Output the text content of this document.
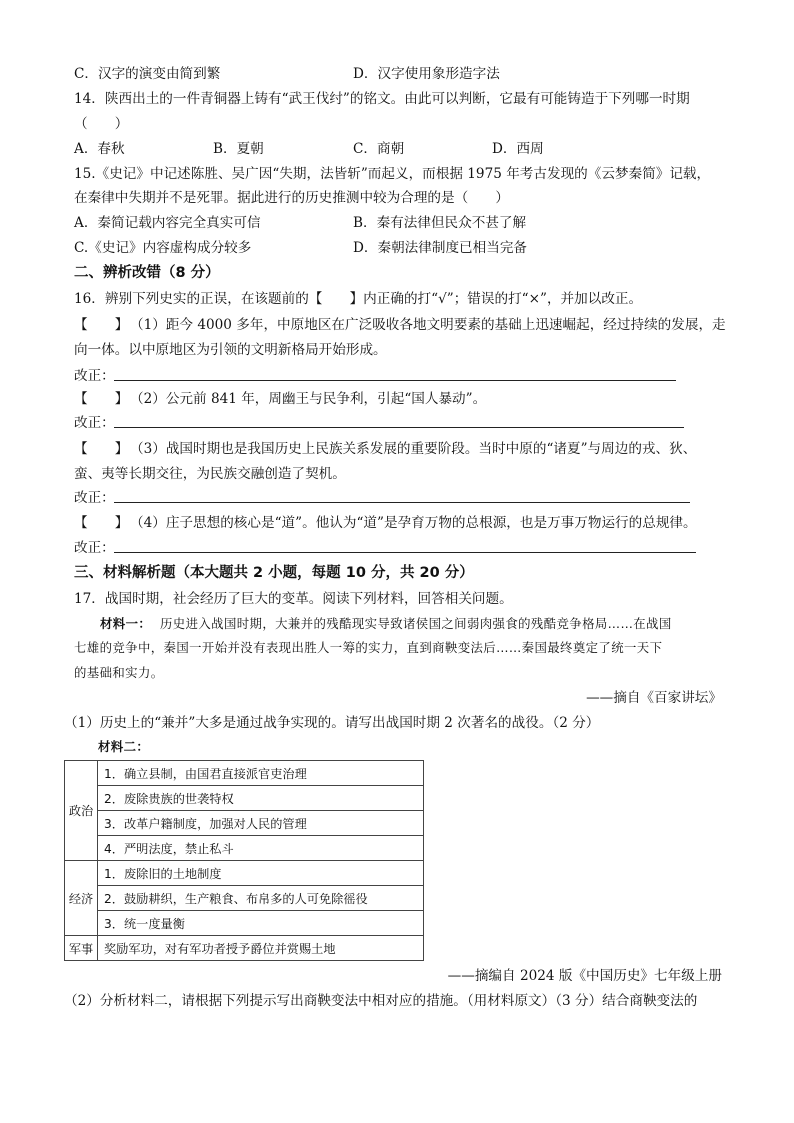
C．汉字的演变由简到繁	D．汉字使用象形造字法
14．陕西出土的一件青铜器上铸有“武王伐纣”的铭文。由此可以判断，它最有可能铸造于下列哪一时期
（　　）
A．春秋	B．夏朝	C．商朝	D．西周
15.《史记》中记述陈胜、吴广因“失期，法皆斩”而起义，而根据 1975 年考古发现的《云梦秦简》记载，
在秦律中失期并不是死罪。据此进行的历史推测中较为合理的是（　　）
A．秦简记载内容完全真实可信	B．秦有法律但民众不甚了解
C.《史记》内容虚构成分较多	D．秦朝法律制度已相当完备
二、辨析改错（8 分）
16．辨别下列史实的正误，在该题前的【　　】内正确的打“√”；错误的打“×”，并加以改正。
【　　】 （1）距今 4000 多年，中原地区在广泛吸收各地文明要素的基础上迅速崛起，经过持续的发展，走
向一体。以中原地区为引领的文明新格局开始形成。
改正：
【　　】 （2）公元前 841 年，周幽王与民争利，引起“国人暴动”。
改正：
【　　】 （3）战国时期也是我国历史上民族关系发展的重要阶段。当时中原的“诸夏”与周边的戎、狄、
蛮、夷等长期交往，为民族交融创造了契机。
改正：
【　　】 （4）庄子思想的核心是“道”。他认为“道”是孕育万物的总根源，也是万事万物运行的总规律。
改正：
三、材料解析题（本大题共 2 小题，每题 10 分，共 20 分）
17．战国时期，社会经历了巨大的变革。阅读下列材料，回答相关问题。
材料一： 历史进入战国时期，大兼并的残酷现实导致诸侯国之间弱肉强食的残酷竞争格局……在战国
七雄的竞争中，秦国一开始并没有表现出胜人一筹的实力，直到商鞅变法后……秦国最终奠定了统一天下
的基础和实力。
——摘自《百家讲坛》
（1）历史上的“兼并”大多是通过战争实现的。请写出战国时期 2 次著名的战役。（2 分）
材料二：
政治	1．确立县制，由国君直接派官吏治理
	2．废除贵族的世袭特权
	3．改革户籍制度，加强对人民的管理
	4．严明法度，禁止私斗
经济	1．废除旧的土地制度
	2．鼓励耕织，生产粮食、布帛多的人可免除徭役
	3．统一度量衡
军事	奖励军功，对有军功者授予爵位并赏赐土地
——摘编自 2024 版《中国历史》七年级上册
（2）分析材料二，请根据下列提示写出商鞅变法中相对应的措施。（用材料原文）（3 分）结合商鞅变法的
